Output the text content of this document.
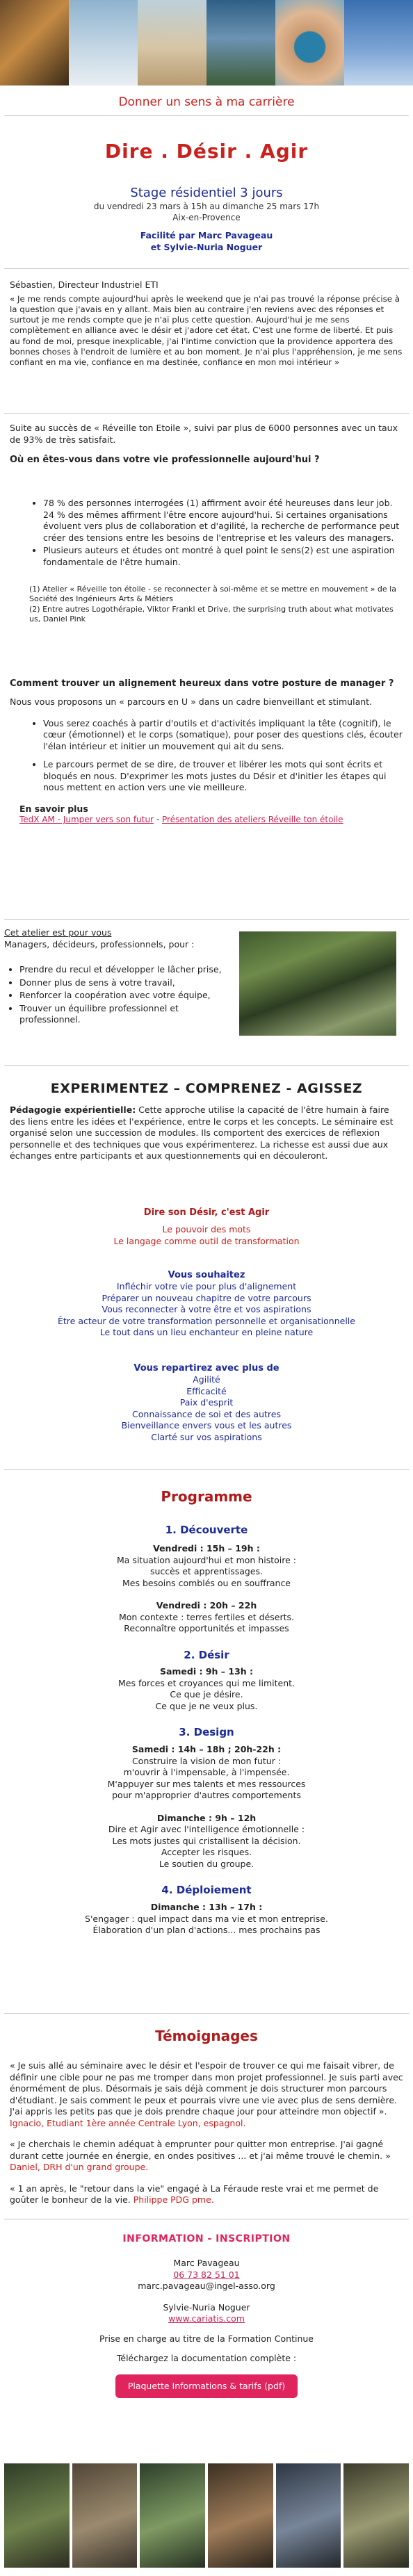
Donner un sens à ma carrière
Dire . Désir . Agir
Stage résidentiel 3 jours
du vendredi 23 mars à 15h au dimanche 25 mars 17h
Aix-en-Provence
Facilité par Marc Pavageau
et Sylvie-Nuria Noguer
Sébastien, Directeur Industriel ETI
« Je me rends compte aujourd'hui après le weekend que je n'ai pas trouvé la réponse précise à la question que j'avais en y allant. Mais bien au contraire j'en reviens avec des réponses et surtout je me rends compte que je n'ai plus cette question. Aujourd'hui je me sens complètement en alliance avec le désir et j'adore cet état. C'est une forme de liberté. Et puis au fond de moi, presque inexplicable, j'ai l'intime conviction que la providence apportera des bonnes choses à l'endroit de lumière et au bon moment. Je n'ai plus l'appréhension, je me sens confiant en ma vie, confiance en ma destinée, confiance en mon moi intérieur »
Suite au succès de « Réveille ton Etoile », suivi par plus de 6000 personnes avec un taux de 93% de très satisfait.
Où en êtes-vous dans votre vie professionnelle aujourd'hui ?
• 78 % des personnes interrogées (1) affirment avoir été heureuses dans leur job. 24 % des mêmes affirment l'être encore aujourd'hui. Si certaines organisations évoluent vers plus de collaboration et d'agilité, la recherche de performance peut créer des tensions entre les besoins de l'entreprise et les valeurs des managers.
• Plusieurs auteurs et études ont montré à quel point le sens(2) est une aspiration fondamentale de l'être humain.
(1) Atelier « Réveille ton étoile - se reconnecter à soi-même et se mettre en mouvement » de la Société des Ingénieurs Arts & Métiers
(2) Entre autres Logothérapie, Viktor Frankl et Drive, the surprising truth about what motivates us, Daniel Pink
Comment trouver un alignement heureux dans votre posture de manager ?
Nous vous proposons un « parcours en U » dans un cadre bienveillant et stimulant.
• Vous serez coachés à partir d'outils et d'activités impliquant la tête (cognitif), le cœur (émotionnel) et le corps (somatique), pour poser des questions clés, écouter l'élan intérieur et initier un mouvement qui ait du sens.
• Le parcours permet de se dire, de trouver et libérer les mots qui sont écrits et bloqués en nous. D'exprimer les mots justes du Désir et d'initier les étapes qui nous mettent en action vers une vie meilleure.
En savoir plus
TedX AM - Jumper vers son futur - Présentation des ateliers Réveille ton étoile
Cet atelier est pour vous
Managers, décideurs, professionnels, pour :
• Prendre du recul et développer le lâcher prise,
• Donner plus de sens à votre travail,
• Renforcer la coopération avec votre équipe,
• Trouver un équilibre professionnel et professionnel.
EXPERIMENTEZ – COMPRENEZ - AGISSEZ
Pédagogie expérientielle: Cette approche utilise la capacité de l'être humain à faire des liens entre les idées et l'expérience, entre le corps et les concepts. Le séminaire est organisé selon une succession de modules. Ils comportent des exercices de réflexion personnelle et des techniques que vous expérimenterez. La richesse est aussi due aux échanges entre participants et aux questionnements qui en découleront.
Dire son Désir, c'est Agir
Le pouvoir des mots
Le langage comme outil de transformation
Vous souhaitez
Infléchir votre vie pour plus d'alignement
Préparer un nouveau chapitre de votre parcours
Vous reconnecter à votre être et vos aspirations
Être acteur de votre transformation personnelle et organisationnelle
Le tout dans un lieu enchanteur en pleine nature
Vous repartirez avec plus de
Agilité
Efficacité
Paix d'esprit
Connaissance de soi et des autres
Bienveillance envers vous et les autres
Clarté sur vos aspirations
Programme
1. Découverte
Vendredi : 15h – 19h :
Ma situation aujourd'hui et mon histoire :
succès et apprentissages.
Mes besoins comblés ou en souffrance
Vendredi : 20h – 22h
Mon contexte : terres fertiles et déserts.
Reconnaître opportunités et impasses
2. Désir
Samedi : 9h – 13h :
Mes forces et croyances qui me limitent.
Ce que je désire.
Ce que je ne veux plus.
3. Design
Samedi : 14h – 18h ; 20h-22h :
Construire la vision de mon futur :
m'ouvrir à l'impensable, à l'impensée.
M'appuyer sur mes talents et mes ressources
pour m'approprier d'autres comportements
Dimanche : 9h – 12h
Dire et Agir avec l'intelligence émotionnelle :
Les mots justes qui cristallisent la décision.
Accepter les risques.
Le soutien du groupe.
4. Déploiement
Dimanche : 13h – 17h :
S'engager : quel impact dans ma vie et mon entreprise.
Élaboration d'un plan d'actions... mes prochains pas
Témoignages
« Je suis allé au séminaire avec le désir et l'espoir de trouver ce qui me faisait vibrer, de définir une cible pour ne pas me tromper dans mon projet professionnel. Je suis parti avec énormément de plus. Désormais je sais déjà comment je dois structurer mon parcours d'étudiant. Je sais comment le peux et pourrais vivre une vie avec plus de sens dernière. J'ai appris les petits pas que je dois prendre chaque jour pour atteindre mon objectif ». Ignacio, Etudiant 1ère année Centrale Lyon, espagnol.
« Je cherchais le chemin adéquat à emprunter pour quitter mon entreprise. J'ai gagné durant cette journée en énergie, en ondes positives ... et j'ai même trouvé le chemin. » Daniel, DRH d'un grand groupe.
« 1 an après, le "retour dans la vie" engagé à La Féraude reste vrai et me permet de goûter le bonheur de la vie. Philippe PDG pme.
INFORMATION - INSCRIPTION
Marc Pavageau
06 73 82 51 01
marc.pavageau@ingel-asso.org
Sylvie-Nuria Noguer
www.cariatis.com
Prise en charge au titre de la Formation Continue
Téléchargez la documentation complète :
Plaquette Informations & tarifs (pdf)
